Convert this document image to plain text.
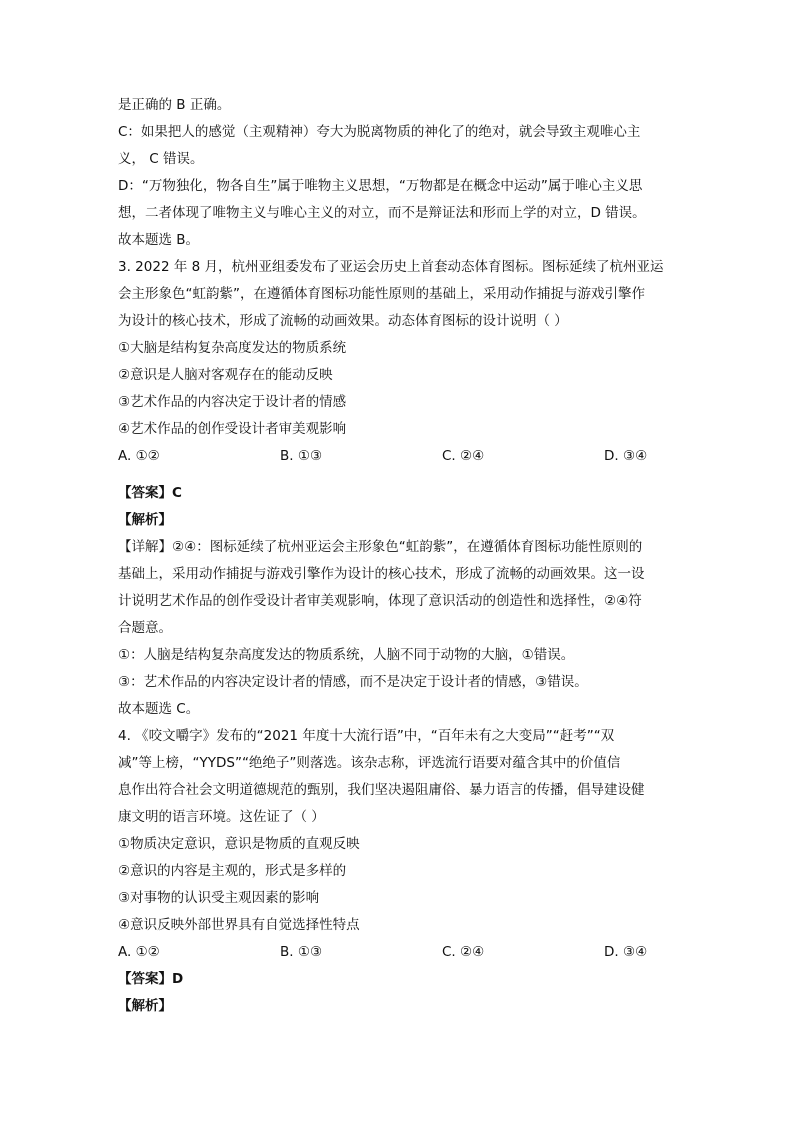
是正确的 B 正确。
C：如果把人的感觉（主观精神）夸大为脱离物质的神化了的绝对，就会导致主观唯心主
义， C 错误。
D：“万物独化，物各自生”属于唯物主义思想，“万物都是在概念中运动”属于唯心主义思
想，二者体现了唯物主义与唯心主义的对立，而不是辩证法和形而上学的对立，D 错误。
故本题选 B。
3. 2022 年 8 月，杭州亚组委发布了亚运会历史上首套动态体育图标。图标延续了杭州亚运
会主形象色“虹韵紫”，在遵循体育图标功能性原则的基础上，采用动作捕捉与游戏引擎作
为设计的核心技术，形成了流畅的动画效果。动态体育图标的设计说明（ ）
①大脑是结构复杂高度发达的物质系统
②意识是人脑对客观存在的能动反映
③艺术作品的内容决定于设计者的情感
④艺术作品的创作受设计者审美观影响
A. ①②	B. ①③	C. ②④	D. ③④
【答案】C
【解析】
【详解】②④：图标延续了杭州亚运会主形象色“虹韵紫”，在遵循体育图标功能性原则的
基础上，采用动作捕捉与游戏引擎作为设计的核心技术，形成了流畅的动画效果。这一设
计说明艺术作品的创作受设计者审美观影响，体现了意识活动的创造性和选择性，②④符
合题意。
①：人脑是结构复杂高度发达的物质系统，人脑不同于动物的大脑，①错误。
③：艺术作品的内容决定设计者的情感，而不是决定于设计者的情感，③错误。
故本题选 C。
4. 《咬文嚼字》发布的“2021 年度十大流行语”中，“百年未有之大变局”“赶考”“双
减”等上榜，“YYDS”“绝绝子”则落选。该杂志称，评选流行语要对蕴含其中的价值信
息作出符合社会文明道德规范的甄别，我们坚决遏阻庸俗、暴力语言的传播，倡导建设健
康文明的语言环境。这佐证了（ ）
①物质决定意识，意识是物质的直观反映
②意识的内容是主观的，形式是多样的
③对事物的认识受主观因素的影响
④意识反映外部世界具有自觉选择性特点
A. ①②	B. ①③	C. ②④	D. ③④
【答案】D
【解析】
